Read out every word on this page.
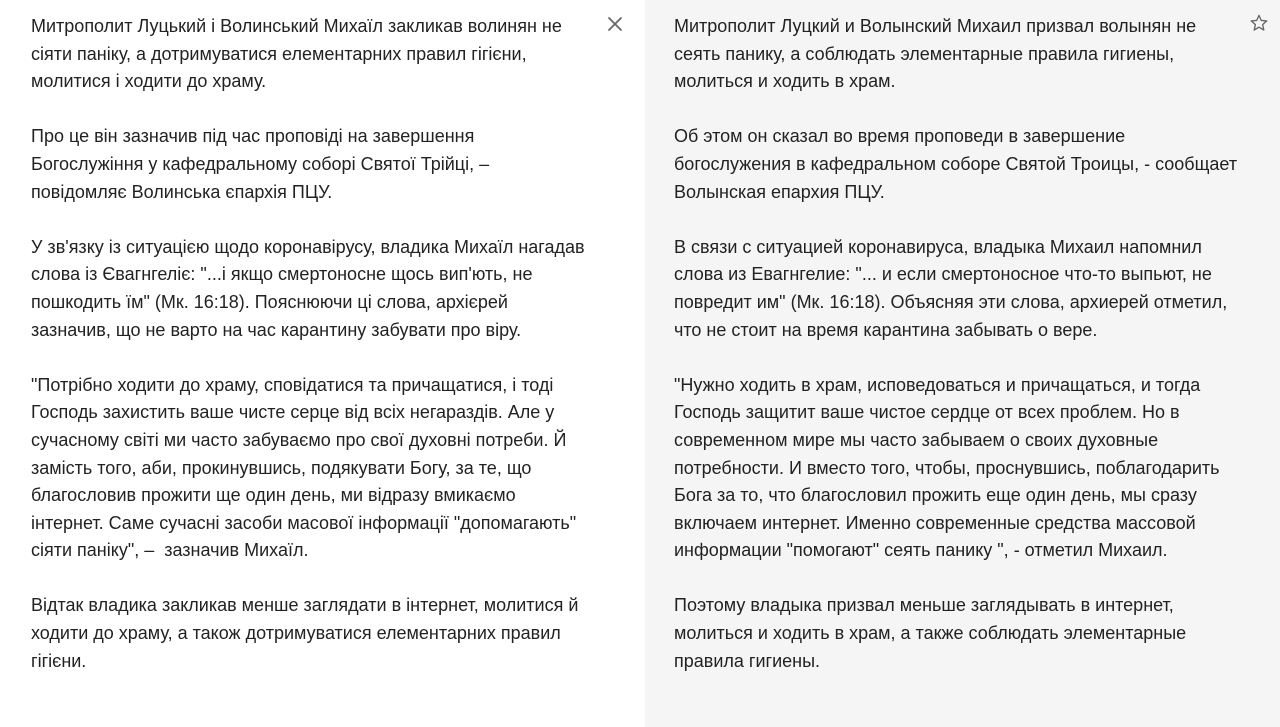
Митрополит Луцький і Волинський Михаїл закликав волинян не сіяти паніку, а дотримуватися елементарних правил гігієни, молитися і ходити до храму.

Про це він зазначив під час проповіді на завершення Богослужіння у кафедральному соборі Святої Трійці, – повідомляє Волинська єпархія ПЦУ.

У зв'язку із ситуацією щодо коронавірусу, владика Михаїл нагадав слова із Євагнгеліє: "...і якщо смертоносне щось вип'ють, не пошкодить їм" (Мк. 16:18). Пояснюючи ці слова, архієрей зазначив, що не варто на час карантину забувати про віру.

"Потрібно ходити до храму, сповідатися та причащатися, і тоді Господь захистить ваше чисте серце від всіх негараздів. Але у сучасному світі ми часто забуваємо про свої духовні потреби. Й замість того, аби, прокинувшись, подякувати Богу, за те, що благословив прожити ще один день, ми відразу вмикаємо інтернет. Саме сучасні засоби масової інформації "допомагають" сіяти паніку", –  зазначив Михаїл.

Відтак владика закликав менше заглядати в інтернет, молитися й ходити до храму, а також дотримуватися елементарних правил гігієни.

Митрополит Луцкий и Волынский Михаил призвал волынян не сеять панику, а соблюдать элементарные правила гигиены, молиться и ходить в храм.

Об этом он сказал во время проповеди в завершение богослужения в кафедральном соборе Святой Троицы, - сообщает Волынская епархия ПЦУ.

В связи с ситуацией коронавируса, владыка Михаил напомнил слова из Евагнгелие: "... и если смертоносное что-то выпьют, не повредит им" (Мк. 16:18). Объясняя эти слова, архиерей отметил, что не стоит на время карантина забывать о вере.

"Нужно ходить в храм, исповедоваться и причащаться, и тогда Господь защитит ваше чистое сердце от всех проблем. Но в современном мире мы часто забываем о своих духовные потребности. И вместо того, чтобы, проснувшись, поблагодарить Бога за то, что благословил прожить еще один день, мы сразу включаем интернет. Именно современные средства массовой информации "помогают" сеять панику ", - отметил Михаил.

Поэтому владыка призвал меньше заглядывать в интернет, молиться и ходить в храм, а также соблюдать элементарные правила гигиены.
